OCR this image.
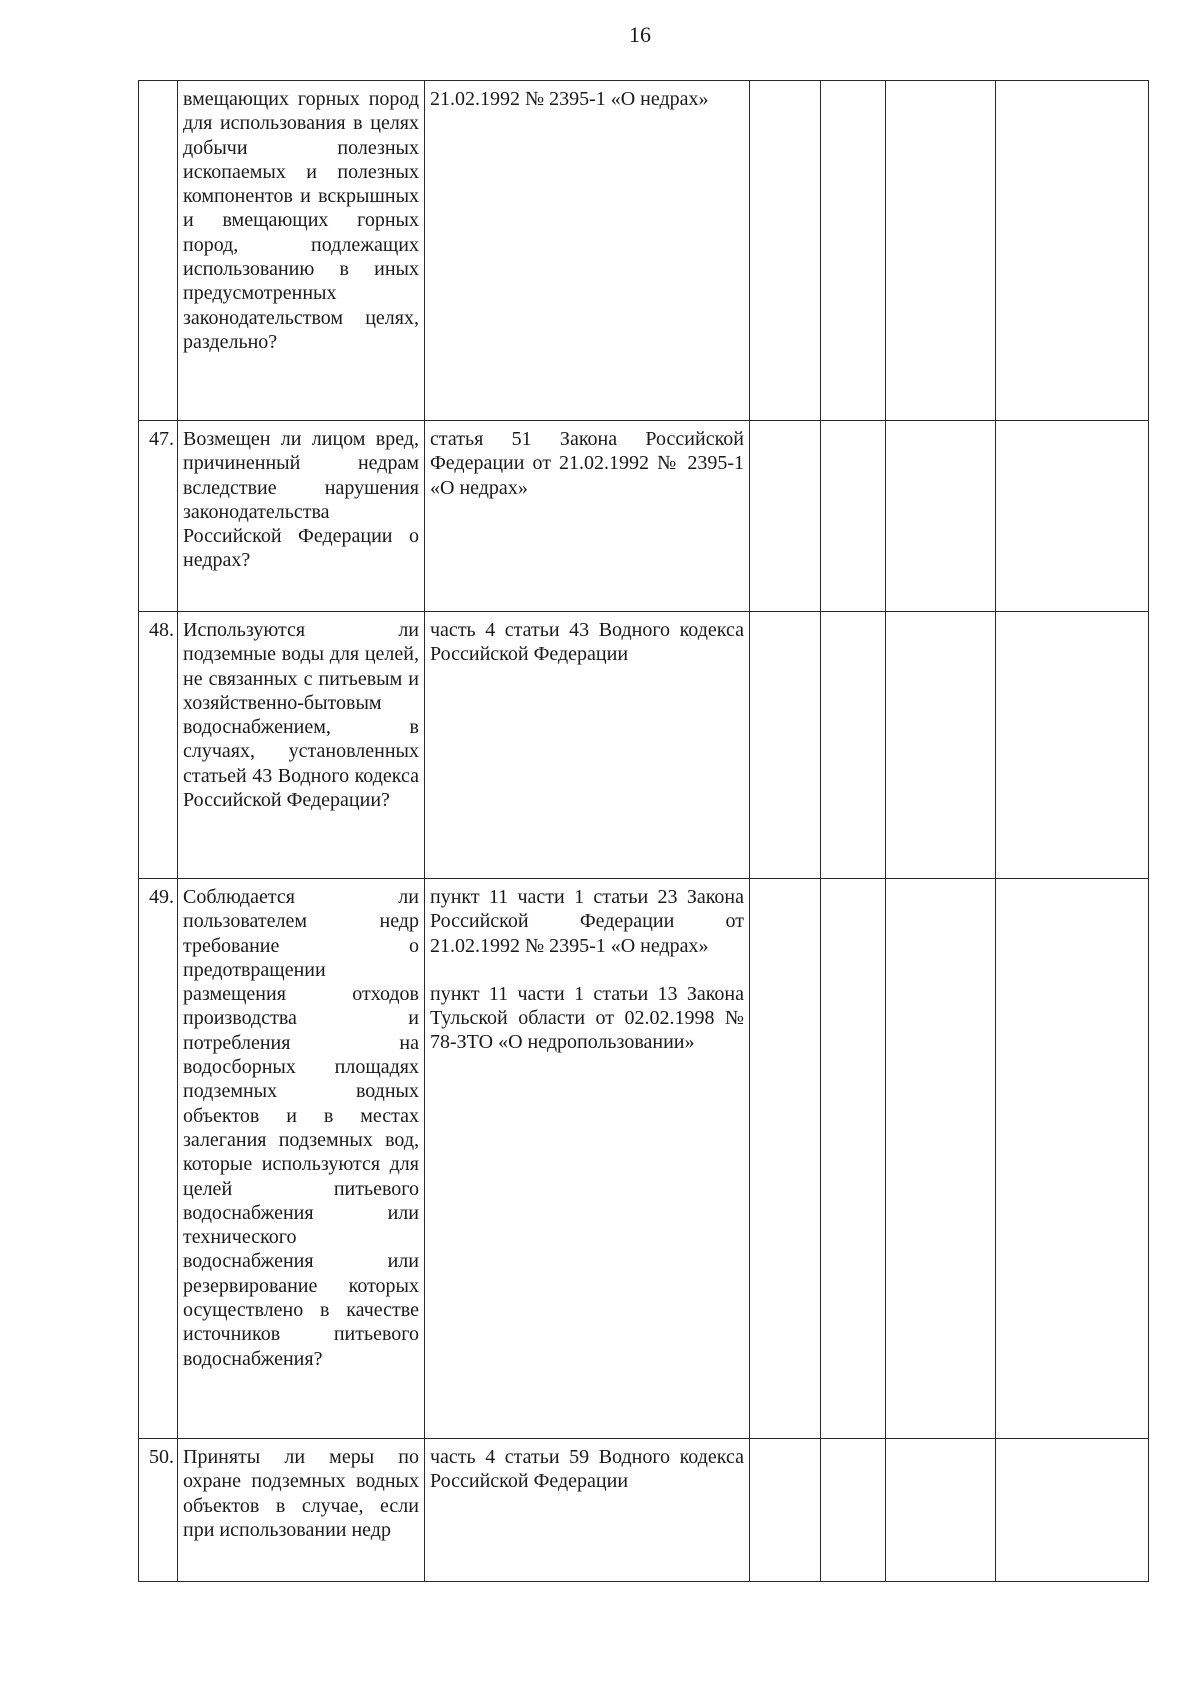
16
	вмещающих горных пород для использования в целях добычи полезных ископаемых и полезных компонентов и вскрышных и вмещающих горных пород, подлежащих использованию в иных предусмотренных законодательством целях, раздельно?	21.02.1992 № 2395-1 «О недрах»				

47.	Возмещен ли лицом вред, причиненный недрам вследствие нарушения законодательства Российской Федерации о недрах?	статья 51 Закона Российской Федерации от 21.02.1992 № 2395-1 «О недрах»				

48.	Используются ли подземные воды для целей, не связанных с питьевым и хозяйственно-бытовым водоснабжением, в случаях, установленных статьей 43 Водного кодекса Российской Федерации?	часть 4 статьи 43 Водного кодекса Российской Федерации				

49.	Соблюдается ли пользователем недр требование о предотвращении размещения отходов производства и потребления на водосборных площадях подземных водных объектов и в местах залегания подземных вод, которые используются для целей питьевого водоснабжения или технического водоснабжения или резервирование которых осуществлено в качестве источников питьевого водоснабжения?	пункт 11 части 1 статьи 23 Закона Российской Федерации от 21.02.1992 № 2395-1 «О недрах»

пункт 11 части 1 статьи 13 Закона Тульской области от 02.02.1998 № 78-ЗТО «О недропользовании»				

50.	Приняты ли меры по охране подземных водных объектов в случае, если при использовании недр	часть 4 статьи 59 Водного кодекса Российской Федерации				
